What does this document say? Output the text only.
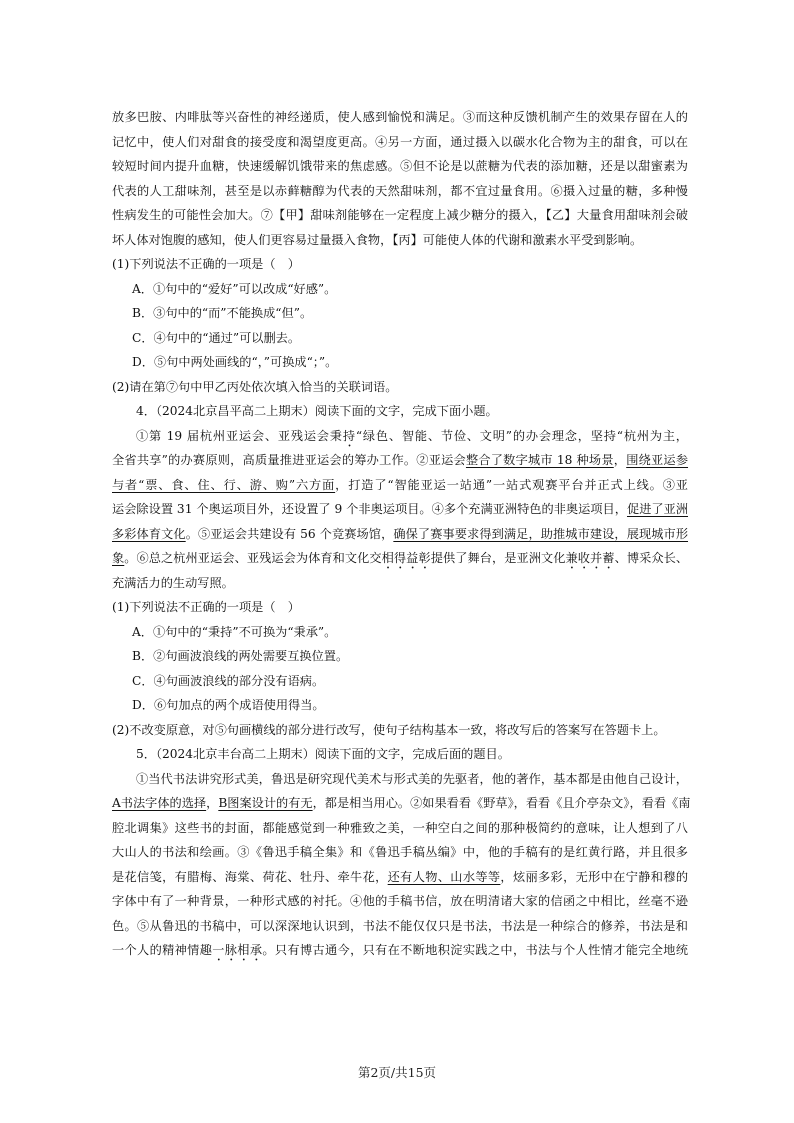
放多巴胺、内啡肽等兴奋性的神经递质，使人感到愉悦和满足。③而这种反馈机制产生的效果存留在人的
记忆中，使人们对甜食的接受度和渴望度更高。④另一方面，通过摄入以碳水化合物为主的甜食，可以在
较短时间内提升血糖，快速缓解饥饿带来的焦虑感。⑤但不论是以蔗糖为代表的添加糖，还是以甜蜜素为
代表的人工甜味剂，甚至是以赤藓糖醇为代表的天然甜味剂，都不宜过量食用。⑥摄入过量的糖，多种慢
性病发生的可能性会加大。⑦【甲】甜味剂能够在一定程度上减少糖分的摄入，【乙】大量食用甜味剂会破
坏人体对饱腹的感知，使人们更容易过量摄入食物，【丙】可能使人体的代谢和激素水平受到影响。
(1)下列说法不正确的一项是（　）
A．①句中的“爱好”可以改成“好感”。
B．③句中的“而”不能换成“但”。
C．④句中的“通过”可以删去。
D．⑤句中两处画线的“，”可换成“；”。
(2)请在第⑦句中甲乙丙处依次填入恰当的关联词语。
4．（2024北京昌平高二上期末）阅读下面的文字，完成下面小题。
①第 19 届杭州亚运会、亚残运会秉持“绿色、智能、节俭、文明”的办会理念，坚持“杭州为主，
全省共享”的办赛原则，高质量推进亚运会的筹办工作。②亚运会整合了数字城市 18 种场景，围绕亚运参
与者“票、食、住、行、游、购”六方面，打造了“智能亚运一站通”一站式观赛平台并正式上线。③亚
运会除设置 31 个奥运项目外，还设置了 9 个非奥运项目。④多个充满亚洲特色的非奥运项目，促进了亚洲
多彩体育文化。⑤亚运会共建设有 56 个竞赛场馆，确保了赛事要求得到满足，助推城市建设，展现城市形
象。⑥总之杭州亚运会、亚残运会为体育和文化交相得益彰提供了舞台，是亚洲文化兼收并蓄、博采众长、
充满活力的生动写照。
(1)下列说法不正确的一项是（　）
A．①句中的“秉持”不可换为“秉承”。
B．②句画波浪线的两处需要互换位置。
C．④句画波浪线的部分没有语病。
D．⑥句加点的两个成语使用得当。
(2)不改变原意，对⑤句画横线的部分进行改写，使句子结构基本一致，将改写后的答案写在答题卡上。
5．（2024北京丰台高二上期末）阅读下面的文字，完成后面的题目。
①当代书法讲究形式美，鲁迅是研究现代美术与形式美的先驱者，他的著作，基本都是由他自己设计，
A书法字体的选择，B图案设计的有无，都是相当用心。②如果看看《野草》，看看《且介亭杂文》，看看《南
腔北调集》这些书的封面，都能感觉到一种雅致之美，一种空白之间的那种极简约的意味，让人想到了八
大山人的书法和绘画。③《鲁迅手稿全集》和《鲁迅手稿丛编》中，他的手稿有的是红黄行路，并且很多
是花信笺，有腊梅、海棠、荷花、牡丹、牵牛花，还有人物、山水等等，炫丽多彩，无形中在宁静和穆的
字体中有了一种背景，一种形式感的衬托。④他的手稿书信，放在明清诸大家的信函之中相比，丝毫不逊
色。⑤从鲁迅的书稿中，可以深深地认识到，书法不能仅仅只是书法，书法是一种综合的修养，书法是和
一个人的精神情趣一脉相承。只有博古通今，只有在不断地积淀实践之中，书法与个人性情才能完全地统
第2页/共15页
